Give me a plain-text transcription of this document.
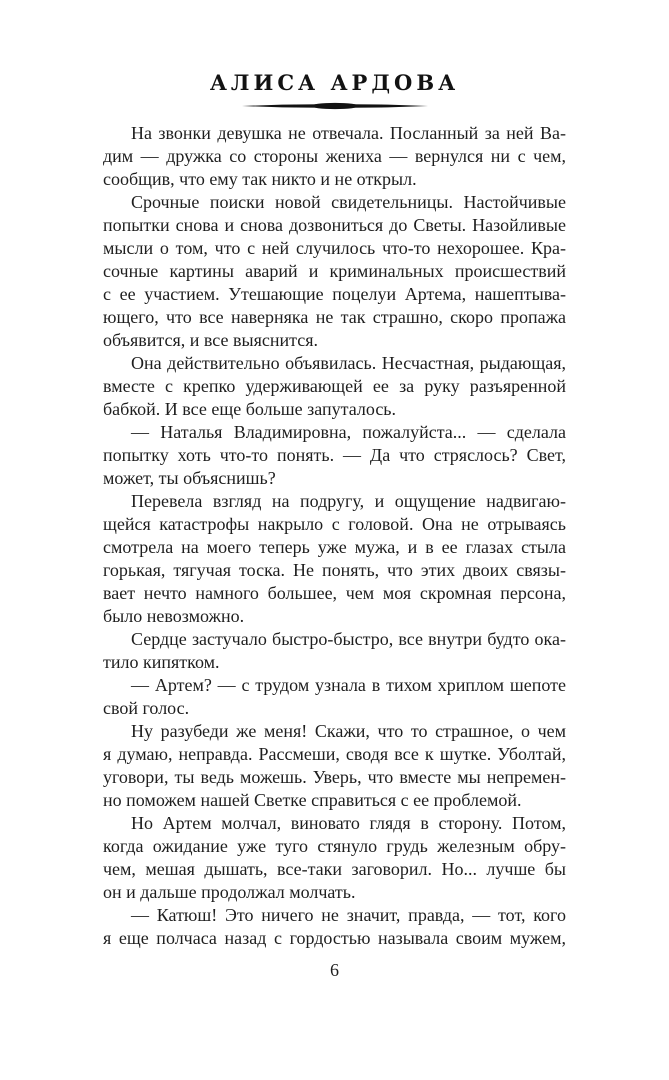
АЛИСА АРДОВА
На звонки девушка не отвечала. Посланный за ней Ва-
дим — дружка со стороны жениха — вернулся ни с чем,
сообщив, что ему так никто и не открыл.
Срочные поиски новой свидетельницы. Настойчивые
попытки снова и снова дозвониться до Светы. Назойливые
мысли о том, что с ней случилось что-то нехорошее. Кра-
сочные картины аварий и криминальных происшествий
с ее участием. Утешающие поцелуи Артема, нашептыва-
ющего, что все наверняка не так страшно, скоро пропажа
объявится, и все выяснится.
Она действительно объявилась. Несчастная, рыдающая,
вместе с крепко удерживающей ее за руку разъяренной
бабкой. И все еще больше запуталось.
— Наталья Владимировна, пожалуйста... — сделала
попытку хоть что-то понять. — Да что стряслось? Свет,
может, ты объяснишь?
Перевела взгляд на подругу, и ощущение надвигаю-
щейся катастрофы накрыло с головой. Она не отрываясь
смотрела на моего теперь уже мужа, и в ее глазах стыла
горькая, тягучая тоска. Не понять, что этих двоих связы-
вает нечто намного большее, чем моя скромная персона,
было невозможно.
Сердце застучало быстро-быстро, все внутри будто ока-
тило кипятком.
— Артем? — с трудом узнала в тихом хриплом шепоте
свой голос.
Ну разубеди же меня! Скажи, что то страшное, о чем
я думаю, неправда. Рассмеши, сводя все к шутке. Уболтай,
уговори, ты ведь можешь. Уверь, что вместе мы непремен-
но поможем нашей Светке справиться с ее проблемой.
Но Артем молчал, виновато глядя в сторону. Потом,
когда ожидание уже туго стянуло грудь железным обру-
чем, мешая дышать, все-таки заговорил. Но... лучше бы
он и дальше продолжал молчать.
— Катюш! Это ничего не значит, правда, — тот, кого
я еще полчаса назад с гордостью называла своим мужем,
6
